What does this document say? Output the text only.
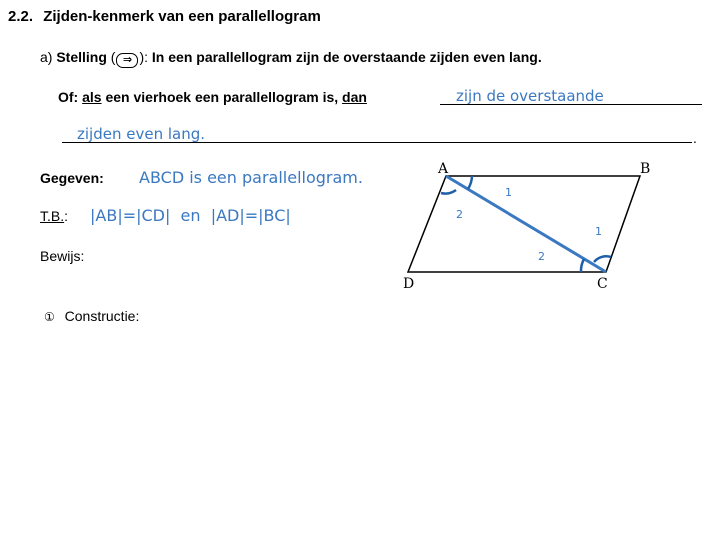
2.2. Zijden-kenmerk van een parallellogram
a) Stelling ( ⇒ ): In een parallellogram zijn de overstaande zijden even lang.
Of: als een vierhoek een parallellogram is, dan	zijn de overstaande
zijden even lang.	.
Gegeven: ABCD is een parallellogram.
T.B.: |AB|=|CD|  en  |AD|=|BC|
Bewijs:
① Constructie:
A	B
C
D
1
2
1
2
